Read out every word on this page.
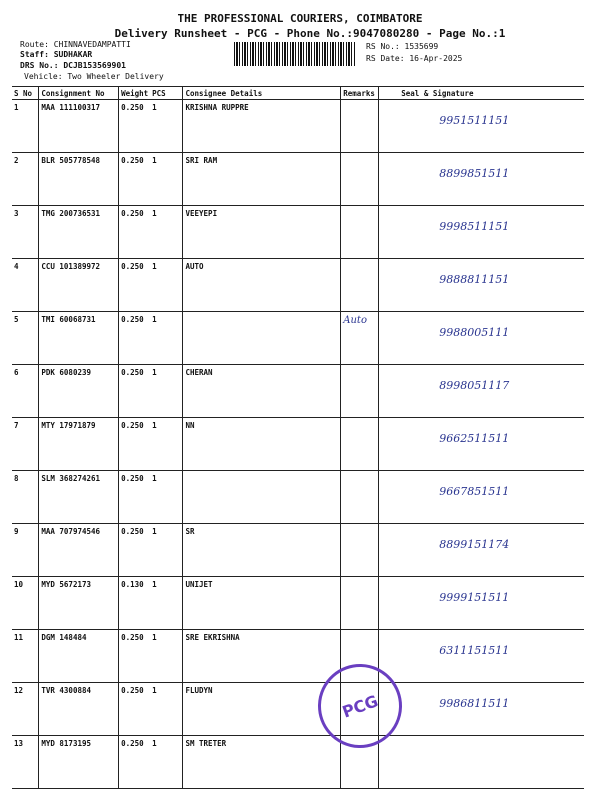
THE PROFESSIONAL COURIERS, COIMBATORE
Delivery Runsheet - PCG - Phone No.:9047080280 - Page No.:1
Route: CHINNAVEDAMPATTI
Staff: SUDHAKAR
DRS No.: DCJB153569901
Vehicle: Two Wheeler Delivery
RS No.: 1535699
RS Date: 16-Apr-2025
S No	Consignment No	Weight	PCS	Consignee Details	Remarks	Seal & Signature
1	MAA 111100317	0.250	1	KRISHNA RUPPRE		9951511151
2	BLR 505778548	0.250	1	SRI RAM		8899851511
3	TMG 200736531	0.250	1	VEEYEPI		9998511151
4	CCU 101389972	0.250	1	AUTO		9888811151
5	TMI 60068731	0.250	1		Auto	9988005111
6	PDK 6080239	0.250	1	CHERAN		8998051117
7	MTY 17971879	0.250	1	NN		9662511511
8	SLM 368274261	0.250	1			9667851511
9	MAA 707974546	0.250	1	SR		8899151174
10	MYD 5672173	0.130	1	UNIJET		9999151511
11	DGM 148484	0.250	1	SRE EKRISHNA		6311151511
12	TVR 4300884	0.250	1	FLUDYN		9986811511
13	MYD 8173195	0.250	1	SM TRETER		
PCG
